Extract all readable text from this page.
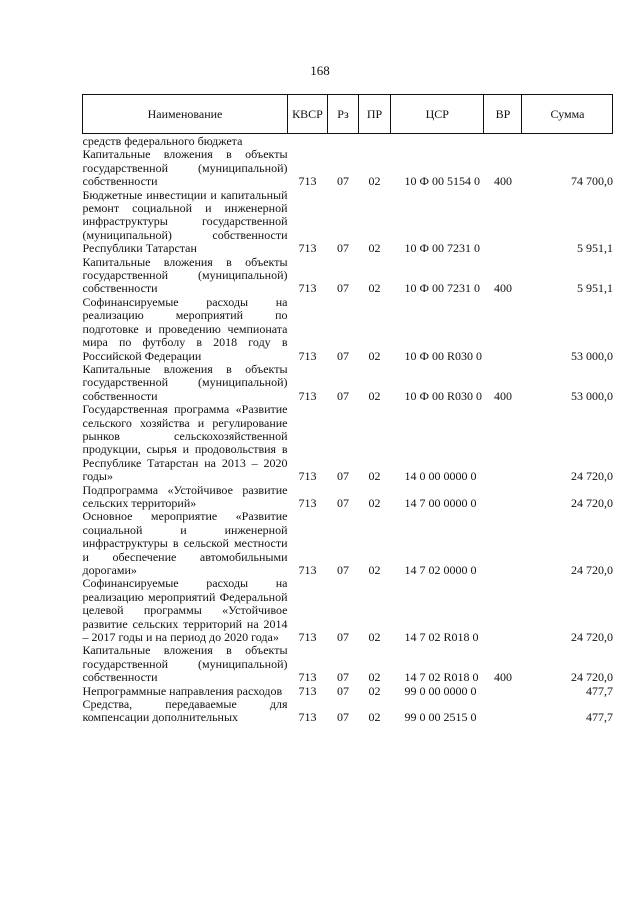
168
Наименование	КВСР	Рз	ПР	ЦСР	ВР	Сумма
средств федерального бюджета						
Капитальные вложения в объекты государственной (муниципальной) собственности	713	07	02	10 Ф 00 5154 0	400	74 700,0
Бюджетные инвестиции и капитальный ремонт социальной и инженерной инфраструктуры государственной (муниципальной) собственности Республики Татарстан	713	07	02	10 Ф 00 7231 0		5 951,1
Капитальные вложения в объекты государственной (муниципальной) собственности	713	07	02	10 Ф 00 7231 0	400	5 951,1
Софинансируемые расходы на реализацию мероприятий по подготовке и проведению чемпионата мира по футболу в 2018 году в Российской Федерации	713	07	02	10 Ф 00 R030 0		53 000,0
Капитальные вложения в объекты государственной (муниципальной) собственности	713	07	02	10 Ф 00 R030 0	400	53 000,0
Государственная программа «Развитие сельского хозяйства и регулирование рынков сельскохозяйственной продукции, сырья и продовольствия в Республике Татарстан на 2013 – 2020 годы»	713	07	02	14 0 00 0000 0		24 720,0
Подпрограмма «Устойчивое развитие сельских территорий»	713	07	02	14 7 00 0000 0		24 720,0
Основное мероприятие «Развитие социальной и инженерной инфраструктуры в сельской местности и обеспечение автомобильными дорогами»	713	07	02	14 7 02 0000 0		24 720,0
Софинансируемые расходы на реализацию мероприятий Федеральной целевой программы «Устойчивое развитие сельских территорий на 2014 – 2017 годы и на период до 2020 года»	713	07	02	14 7 02 R018 0		24 720,0
Капитальные вложения в объекты государственной (муниципальной) собственности	713	07	02	14 7 02 R018 0	400	24 720,0
Непрограммные направления расходов	713	07	02	99 0 00 0000 0		477,7
Средства, передаваемые для компенсации дополнительных	713	07	02	99 0 00 2515 0		477,7
